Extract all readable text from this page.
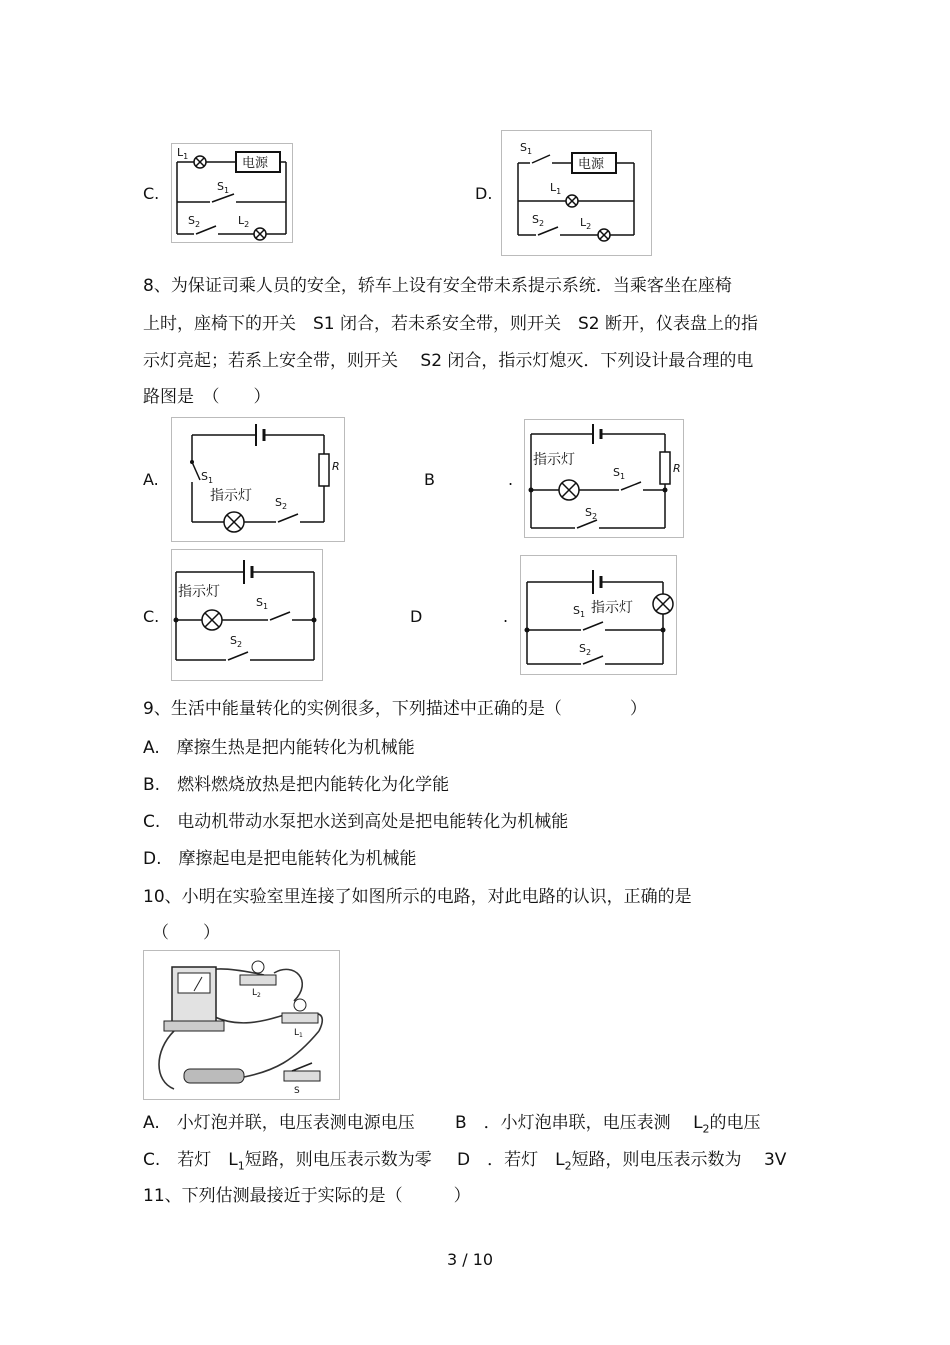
C.
电源
$L_1$
$S_1$
$S_2$	$L_2$
D.
电源
$S_1$
$L_1$
$S_2$	$L_2$
8、为保证司乘人员的安全，轿车上设有安全带未系提示系统．当乘客坐在座椅
上时，座椅下的开关　S1 闭合，若未系安全带，则开关　S2 断开，仪表盘上的指
示灯亮起；若系上安全带，则开关　 S2 闭合，指示灯熄灭．下列设计最合理的电
路图是　（　　）
A.	$S_1$
指示灯 $S_2$
R
B	.
指示灯
$S_1$
$S_2$
R
C.
指示灯
$S_1$
$S_2$
D	.	$S_1$ 指示灯
$S_2$
9、生活中能量转化的实例很多，下列描述中正确的是（　　　　）
A.　摩擦生热是把内能转化为机械能
B.　燃料燃烧放热是把内能转化为化学能
C.　电动机带动水泵把水送到高处是把电能转化为机械能
D.　摩擦起电是把电能转化为机械能
10、小明在实验室里连接了如图所示的电路，对此电路的认识，正确的是
（　　）
$L_2$
$L_1$
S
A.　小灯泡并联，电压表测电源电压 B　．小灯泡串联，电压表测　 $L_2$的电压
C.　若灯　$L_1$短路，则电压表示数为零 D　．若灯　$L_2$短路，则电压表示数为　 3V
11、下列估测最接近于实际的是（　　　）
3 / 10
